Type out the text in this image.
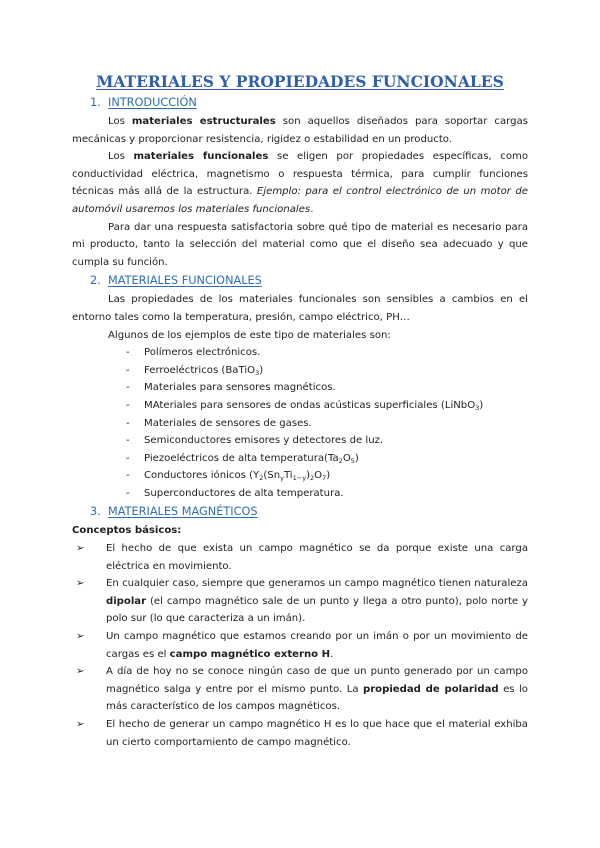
MATERIALES Y PROPIEDADES FUNCIONALES
1. INTRODUCCIÓN

Los materiales estructurales son aquellos diseñados para soportar cargas mecánicas y proporcionar resistencia, rigidez o estabilidad en un producto.

Los materiales funcionales se eligen por propiedades específicas, como conductividad eléctrica, magnetismo o respuesta térmica, para cumplir funciones técnicas más allá de la estructura. Ejemplo: para el control electrónico de un motor de automóvil usaremos los materiales funcionales.

Para dar una respuesta satisfactoria sobre qué tipo de material es necesario para mi producto, tanto la selección del material como que el diseño sea adecuado y que cumpla su función.

2. MATERIALES FUNCIONALES

Las propiedades de los materiales funcionales son sensibles a cambios en el entorno tales como la temperatura, presión, campo eléctrico, PH…

Algunos de los ejemplos de este tipo de materiales son:

-	Polímeros electrónicos.
-	Ferroeléctricos (BaTiO$_3$)
-	Materiales para sensores magnéticos.
-	MAteriales para sensores de ondas acústicas superficiales (LiNbO$_3$)
-	Materiales de sensores de gases.
-	Semiconductores emisores y detectores de luz.
-	Piezoeléctricos de alta $temperatura(Ta_2O_5)$
-	Conductores iónicos $(Y_2(Sn_yTi_{1-y})_2O_7)$
-	Superconductores de alta temperatura.
3. MATERIALES MAGNÉTICOS

Conceptos básicos:

➢	El hecho de que exista un campo magnético se da porque existe una carga eléctrica en movimiento.
➢	En cualquier caso, siempre que generamos un campo magnético tienen naturaleza dipolar (el campo magnético sale de un punto y llega a otro punto), polo norte y polo sur (lo que caracteriza a un imán).
➢	Un campo magnético que estamos creando por un imán o por un movimiento de cargas es el campo magnético externo H.
➢	A día de hoy no se conoce ningún caso de que un punto generado por un campo magnético salga y entre por el mismo punto. La propiedad de polaridad es lo más característico de los campos magnéticos.
➢	El hecho de generar un campo magnético H es lo que hace que el material exhiba un cierto comportamiento de campo magnético.
